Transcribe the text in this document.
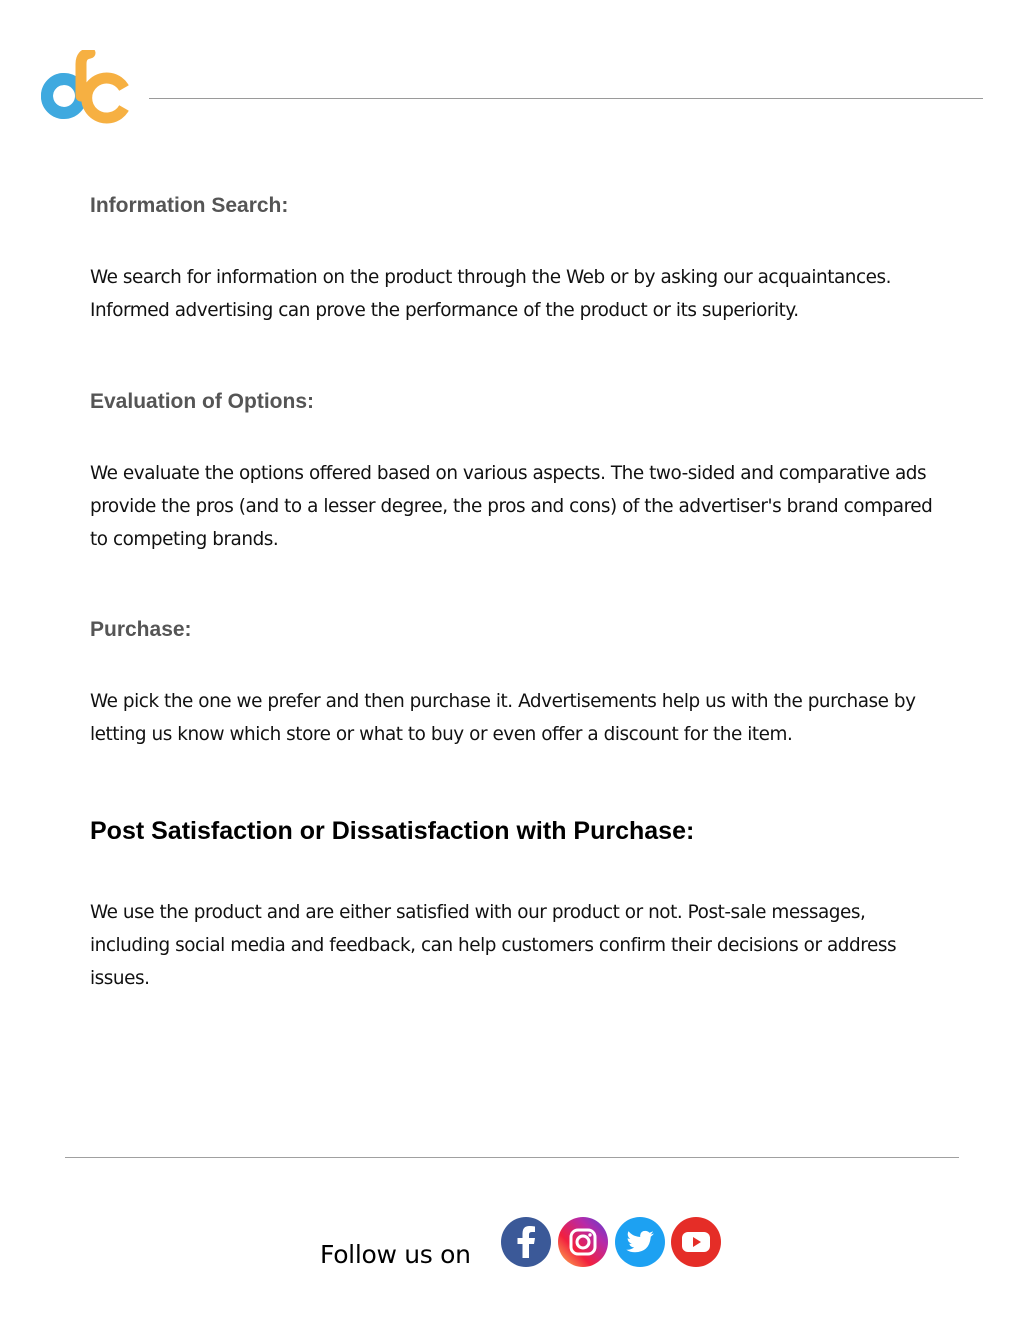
Information Search:

We search for information on the product through the Web or by asking our acquaintances.
Informed advertising can prove the performance of the product or its superiority.

Evaluation of Options:

We evaluate the options offered based on various aspects. The two-sided and comparative ads
provide the pros (and to a lesser degree, the pros and cons) of the advertiser's brand compared
to competing brands.

Purchase:

We pick the one we prefer and then purchase it. Advertisements help us with the purchase by
letting us know which store or what to buy or even offer a discount for the item.

Post Satisfaction or Dissatisfaction with Purchase:

We use the product and are either satisfied with our product or not. Post-sale messages,
including social media and feedback, can help customers confirm their decisions or address
issues.

Follow us on
